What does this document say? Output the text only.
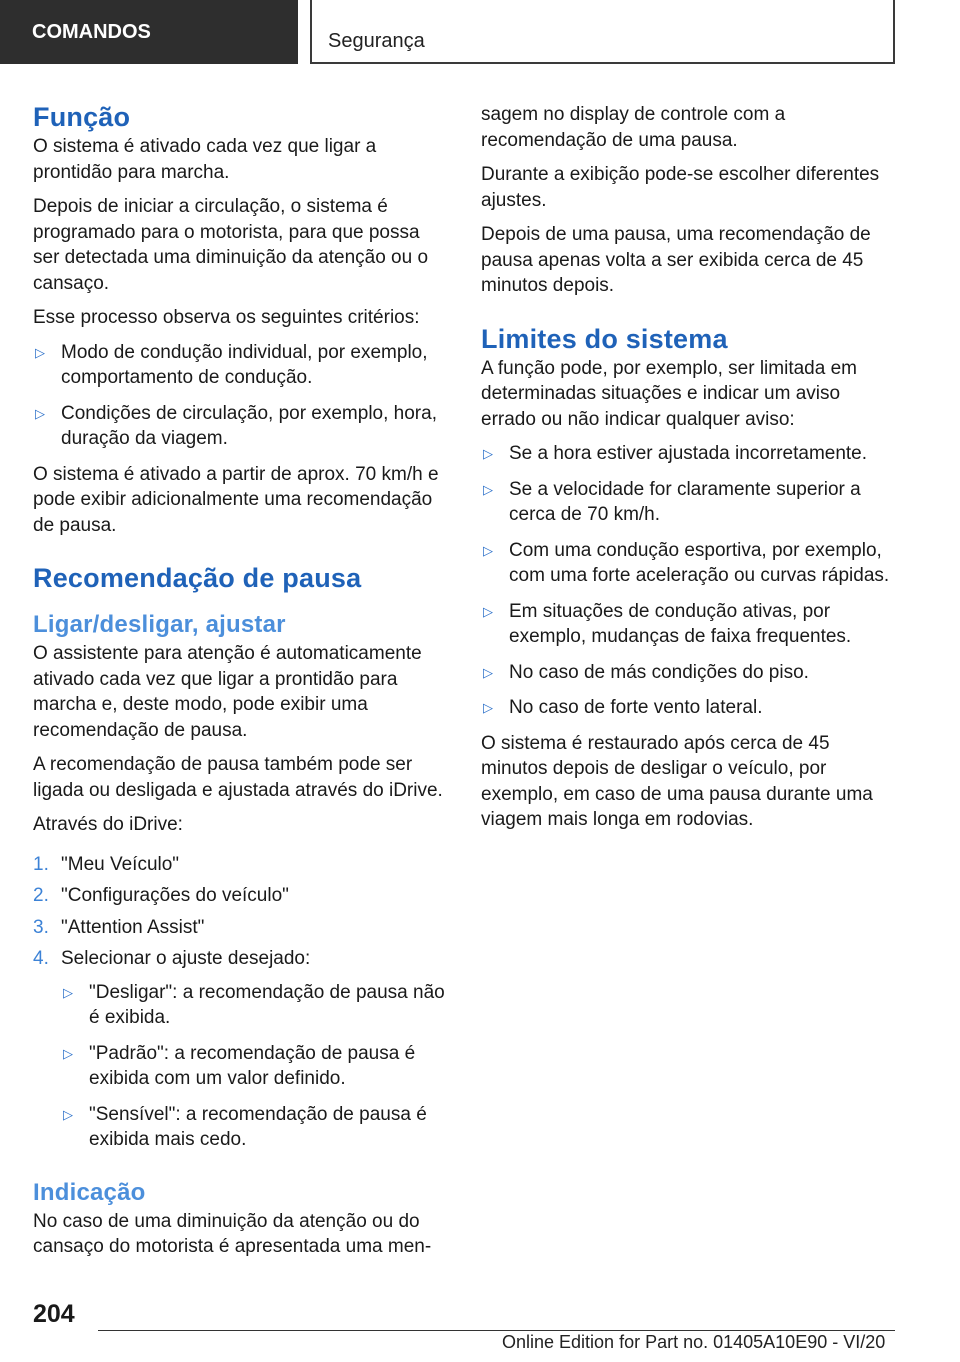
COMANDOS	Segurança
Função

O sistema é ativado cada vez que ligar a prontidão para marcha.

Depois de iniciar a circulação, o sistema é programado para o motorista, para que possa ser detectada uma diminuição da atenção ou o cansaço.

Esse processo observa os seguintes critérios:

▷ Modo de condução individual, por exemplo, comportamento de condução.
▷ Condições de circulação, por exemplo, hora, duração da viagem.

O sistema é ativado a partir de aprox. 70 km/h e pode exibir adicionalmente uma recomendação de pausa.

Recomendação de pausa
Ligar/desligar, ajustar

O assistente para atenção é automaticamente ativado cada vez que ligar a prontidão para marcha e, deste modo, pode exibir uma recomendação de pausa.

A recomendação de pausa também pode ser ligada ou desligada e ajustada através do iDrive.

Através do iDrive:

1. "Meu Veículo"
2. "Configurações do veículo"
3. "Attention Assist"
4. Selecionar o ajuste desejado:
▷ "Desligar": a recomendação de pausa não é exibida.
▷ "Padrão": a recomendação de pausa é exibida com um valor definido.
▷ "Sensível": a recomendação de pausa é exibida mais cedo.
Indicação

No caso de uma diminuição da atenção ou do cansaço do motorista é apresentada uma men-

sagem no display de controle com a recomendação de uma pausa.

Durante a exibição pode-se escolher diferentes ajustes.

Depois de uma pausa, uma recomendação de pausa apenas volta a ser exibida cerca de 45 minutos depois.

Limites do sistema

A função pode, por exemplo, ser limitada em determinadas situações e indicar um aviso errado ou não indicar qualquer aviso:

▷ Se a hora estiver ajustada incorretamente.
▷ Se a velocidade for claramente superior a cerca de 70 km/h.
▷ Com uma condução esportiva, por exemplo, com uma forte aceleração ou curvas rápidas.
▷ Em situações de condução ativas, por exemplo, mudanças de faixa frequentes.
▷ No caso de más condições do piso.
▷ No caso de forte vento lateral.

O sistema é restaurado após cerca de 45 minutos depois de desligar o veículo, por exemplo, em caso de uma pausa durante uma viagem mais longa em rodovias.

204
Online Edition for Part no. 01405A10E90 - VI/20
